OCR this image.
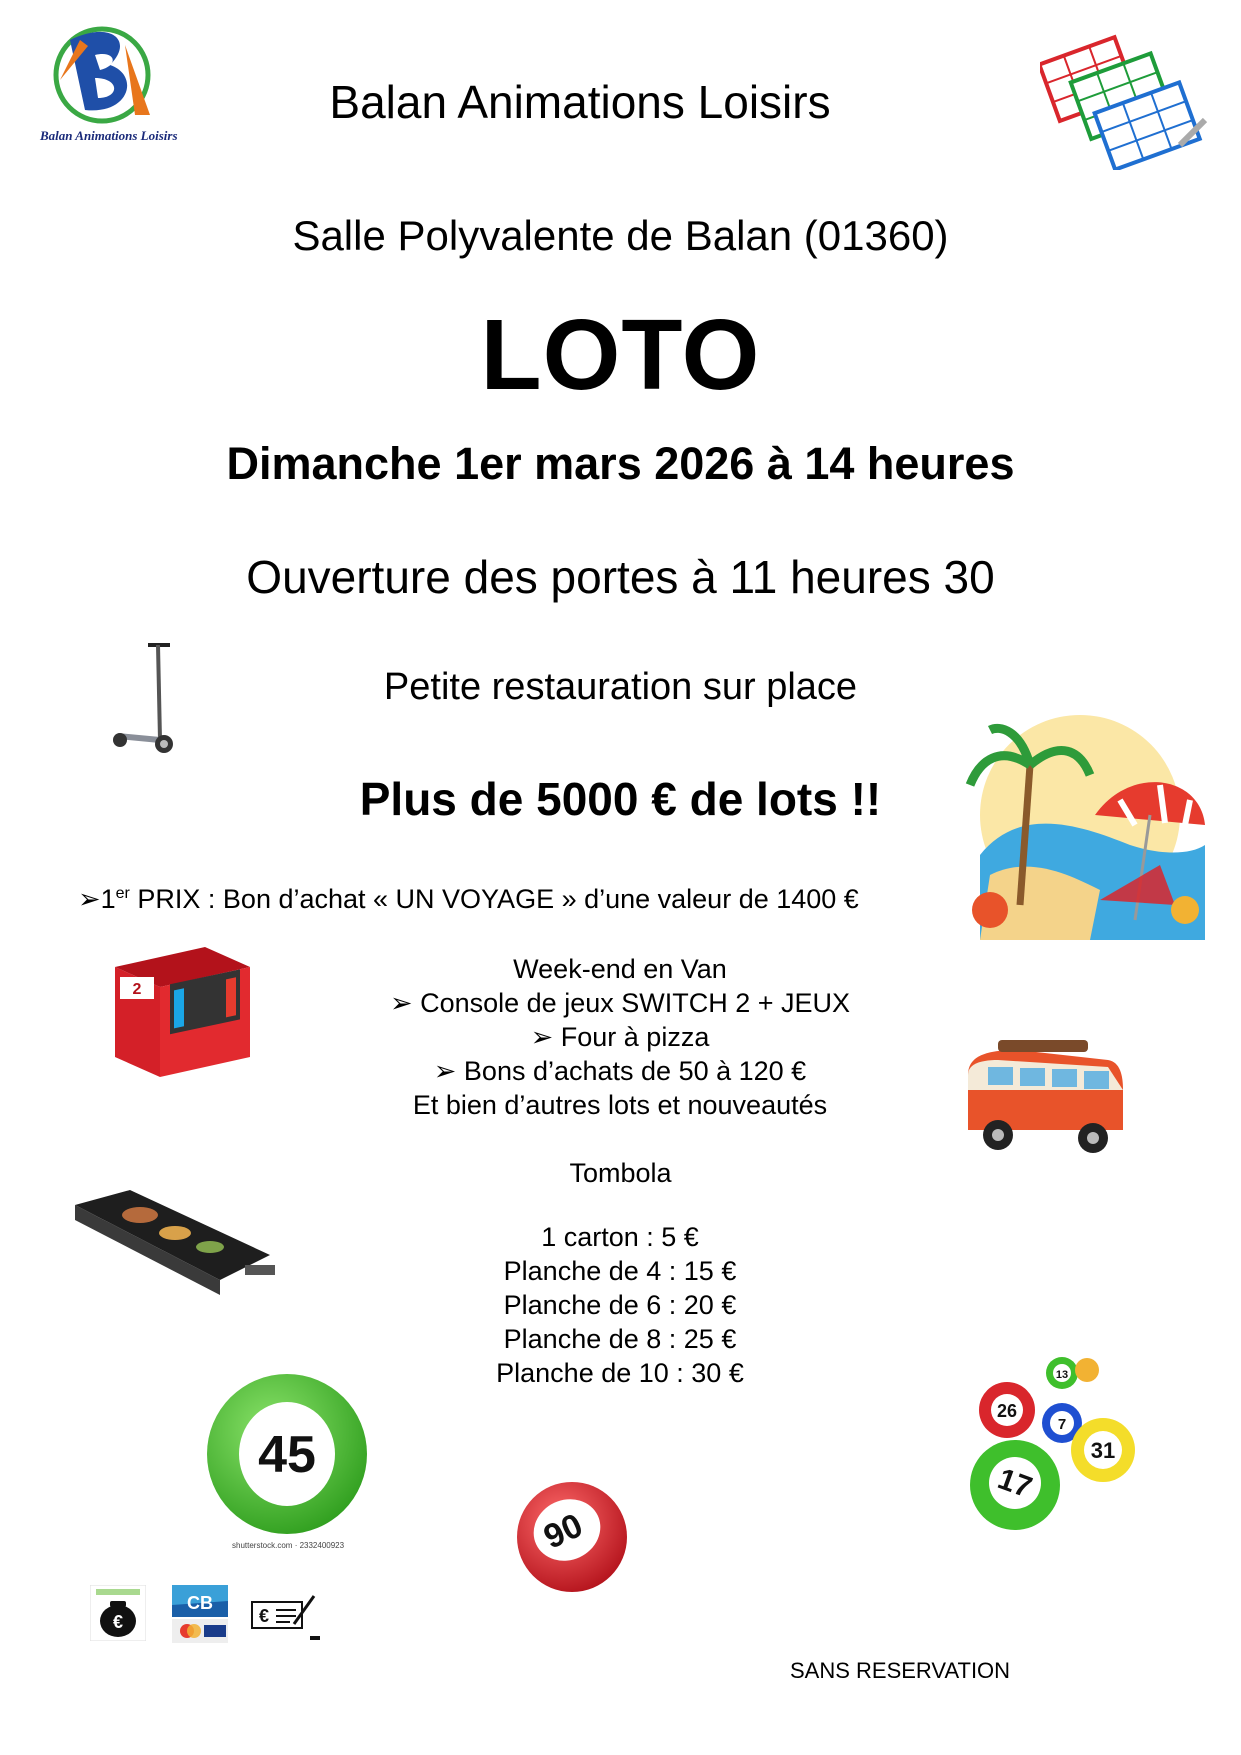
Balan Animations Loisirs
Balan Animations Loisirs
Salle Polyvalente de Balan (01360)
LOTO
Dimanche 1er mars 2026 à 14 heures
Ouverture des portes à 11 heures 30
Petite restauration sur place
Plus de 5000 € de lots !!
➢1er PRIX : Bon d’achat « UN VOYAGE » d’une valeur de 1400 €
2
Week-end en Van
➢ Console de jeux SWITCH 2 + JEUX
➢ Four à pizza
➢ Bons d’achats de 50 à 120 €
Et bien d’autres lots et nouveautés
Tombola
1 carton : 5 €
Planche de 4 : 15 €
Planche de 6 : 20 €
Planche de 8 : 25 €
Planche de 10 : 30 €
45
shutterstock.com · 2332400923	90
26
13
7
31
17
€
CB
€
SANS RESERVATION
